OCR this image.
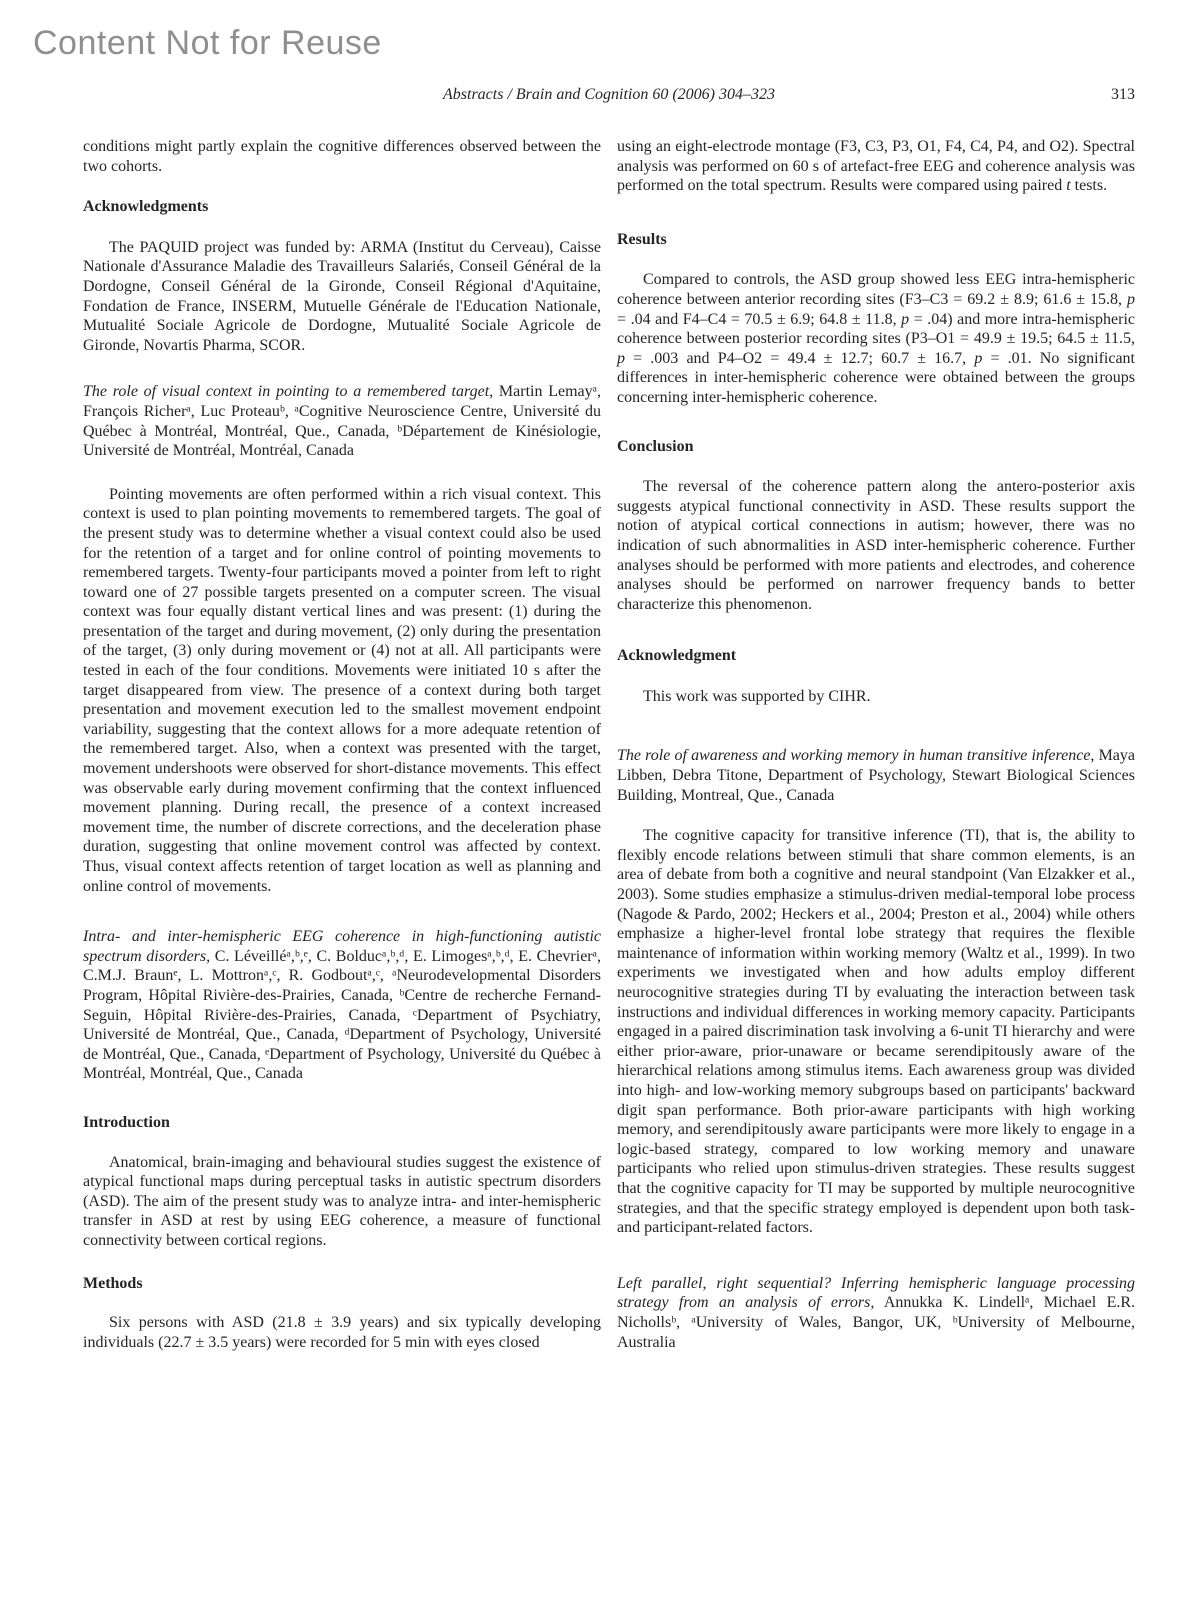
Content Not for Reuse
Abstracts / Brain and Cognition 60 (2006) 304–323	313

conditions might partly explain the cognitive differences observed between the two cohorts.

Acknowledgments

The PAQUID project was funded by: ARMA (Institut du Cerveau), Caisse Nationale d'Assurance Maladie des Travailleurs Salariés, Conseil Général de la Dordogne, Conseil Général de la Gironde, Conseil Régional d'Aquitaine, Fondation de France, INSERM, Mutuelle Générale de l'Education Nationale, Mutualité Sociale Agricole de Dordogne, Mutualité Sociale Agricole de Gironde, Novartis Pharma, SCOR.

The role of visual context in pointing to a remembered target, Martin Lemayᵃ, François Richerᵃ, Luc Proteauᵇ, ᵃCognitive Neuroscience Centre, Université du Québec à Montréal, Montréal, Que., Canada, ᵇDépartement de Kinésiologie, Université de Montréal, Montréal, Canada

Pointing movements are often performed within a rich visual context. This context is used to plan pointing movements to remembered targets. The goal of the present study was to determine whether a visual context could also be used for the retention of a target and for online control of pointing movements to remembered targets. Twenty-four participants moved a pointer from left to right toward one of 27 possible targets presented on a computer screen. The visual context was four equally distant vertical lines and was present: (1) during the presentation of the target and during movement, (2) only during the presentation of the target, (3) only during movement or (4) not at all. All participants were tested in each of the four conditions. Movements were initiated 10 s after the target disappeared from view. The presence of a context during both target presentation and movement execution led to the smallest movement endpoint variability, suggesting that the context allows for a more adequate retention of the remembered target. Also, when a context was presented with the target, movement undershoots were observed for short-distance movements. This effect was observable early during movement confirming that the context influenced movement planning. During recall, the presence of a context increased movement time, the number of discrete corrections, and the deceleration phase duration, suggesting that online movement control was affected by context. Thus, visual context affects retention of target location as well as planning and online control of movements.

Intra- and inter-hemispheric EEG coherence in high-functioning autistic spectrum disorders, C. Léveilléᵃ,ᵇ,ᵉ, C. Bolducᵃ,ᵇ,ᵈ, E. Limogesᵃ,ᵇ,ᵈ, E. Chevrierᵃ, C.M.J. Braunᵉ, L. Mottronᵃ,ᶜ, R. Godboutᵃ,ᶜ, ᵃNeurodevelopmental Disorders Program, Hôpital Rivière-des-Prairies, Canada, ᵇCentre de recherche Fernand-Seguin, Hôpital Rivière-des-Prairies, Canada, ᶜDepartment of Psychiatry, Université de Montréal, Que., Canada, ᵈDepartment of Psychology, Université de Montréal, Que., Canada, ᵉDepartment of Psychology, Université du Québec à Montréal, Montréal, Que., Canada

Introduction

Anatomical, brain-imaging and behavioural studies suggest the existence of atypical functional maps during perceptual tasks in autistic spectrum disorders (ASD). The aim of the present study was to analyze intra- and inter-hemispheric transfer in ASD at rest by using EEG coherence, a measure of functional connectivity between cortical regions.

Methods

Six persons with ASD (21.8 ± 3.9 years) and six typically developing individuals (22.7 ± 3.5 years) were recorded for 5 min with eyes closed

using an eight-electrode montage (F3, C3, P3, O1, F4, C4, P4, and O2). Spectral analysis was performed on 60 s of artefact-free EEG and coherence analysis was performed on the total spectrum. Results were compared using paired t tests.

Results

Compared to controls, the ASD group showed less EEG intra-hemispheric coherence between anterior recording sites (F3–C3 = 69.2 ± 8.9; 61.6 ± 15.8, p = .04 and F4–C4 = 70.5 ± 6.9; 64.8 ± 11.8, p = .04) and more intra-hemispheric coherence between posterior recording sites (P3–O1 = 49.9 ± 19.5; 64.5 ± 11.5, p = .003 and P4–O2 = 49.4 ± 12.7; 60.7 ± 16.7, p = .01. No significant differences in inter-hemispheric coherence were obtained between the groups concerning inter-hemispheric coherence.

Conclusion

The reversal of the coherence pattern along the antero-posterior axis suggests atypical functional connectivity in ASD. These results support the notion of atypical cortical connections in autism; however, there was no indication of such abnormalities in ASD inter-hemispheric coherence. Further analyses should be performed with more patients and electrodes, and coherence analyses should be performed on narrower frequency bands to better characterize this phenomenon.

Acknowledgment

This work was supported by CIHR.

The role of awareness and working memory in human transitive inference, Maya Libben, Debra Titone, Department of Psychology, Stewart Biological Sciences Building, Montreal, Que., Canada

The cognitive capacity for transitive inference (TI), that is, the ability to flexibly encode relations between stimuli that share common elements, is an area of debate from both a cognitive and neural standpoint (Van Elzakker et al., 2003). Some studies emphasize a stimulus-driven medial-temporal lobe process (Nagode & Pardo, 2002; Heckers et al., 2004; Preston et al., 2004) while others emphasize a higher-level frontal lobe strategy that requires the flexible maintenance of information within working memory (Waltz et al., 1999). In two experiments we investigated when and how adults employ different neurocognitive strategies during TI by evaluating the interaction between task instructions and individual differences in working memory capacity. Participants engaged in a paired discrimination task involving a 6-unit TI hierarchy and were either prior-aware, prior-unaware or became serendipitously aware of the hierarchical relations among stimulus items. Each awareness group was divided into high- and low-working memory subgroups based on participants' backward digit span performance. Both prior-aware participants with high working memory, and serendipitously aware participants were more likely to engage in a logic-based strategy, compared to low working memory and unaware participants who relied upon stimulus-driven strategies. These results suggest that the cognitive capacity for TI may be supported by multiple neurocognitive strategies, and that the specific strategy employed is dependent upon both task- and participant-related factors.

Left parallel, right sequential? Inferring hemispheric language processing strategy from an analysis of errors, Annukka K. Lindellᵃ, Michael E.R. Nichollsᵇ, ᵃUniversity of Wales, Bangor, UK, ᵇUniversity of Melbourne, Australia
